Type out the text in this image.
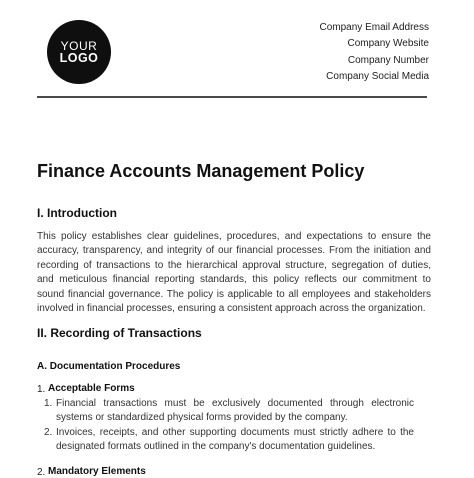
YOUR
LOGO
Company Email Address
Company Website
Company Number
Company Social Media
Finance Accounts Management Policy
I. Introduction

This policy establishes clear guidelines, procedures, and expectations to ensure the accuracy, transparency, and integrity of our financial processes. From the initiation and recording of transactions to the hierarchical approval structure, segregation of duties, and meticulous financial reporting standards, this policy reflects our commitment to sound financial governance. The policy is applicable to all employees and stakeholders involved in financial processes, ensuring a consistent approach across the organization.

II. Recording of Transactions
A. Documentation Procedures
1. Acceptable Forms
1. Financial transactions must be exclusively documented through electronic systems or standardized physical forms provided by the company.
2. Invoices, receipts, and other supporting documents must strictly adhere to the designated formats outlined in the company's documentation guidelines.
2. Mandatory Elements
